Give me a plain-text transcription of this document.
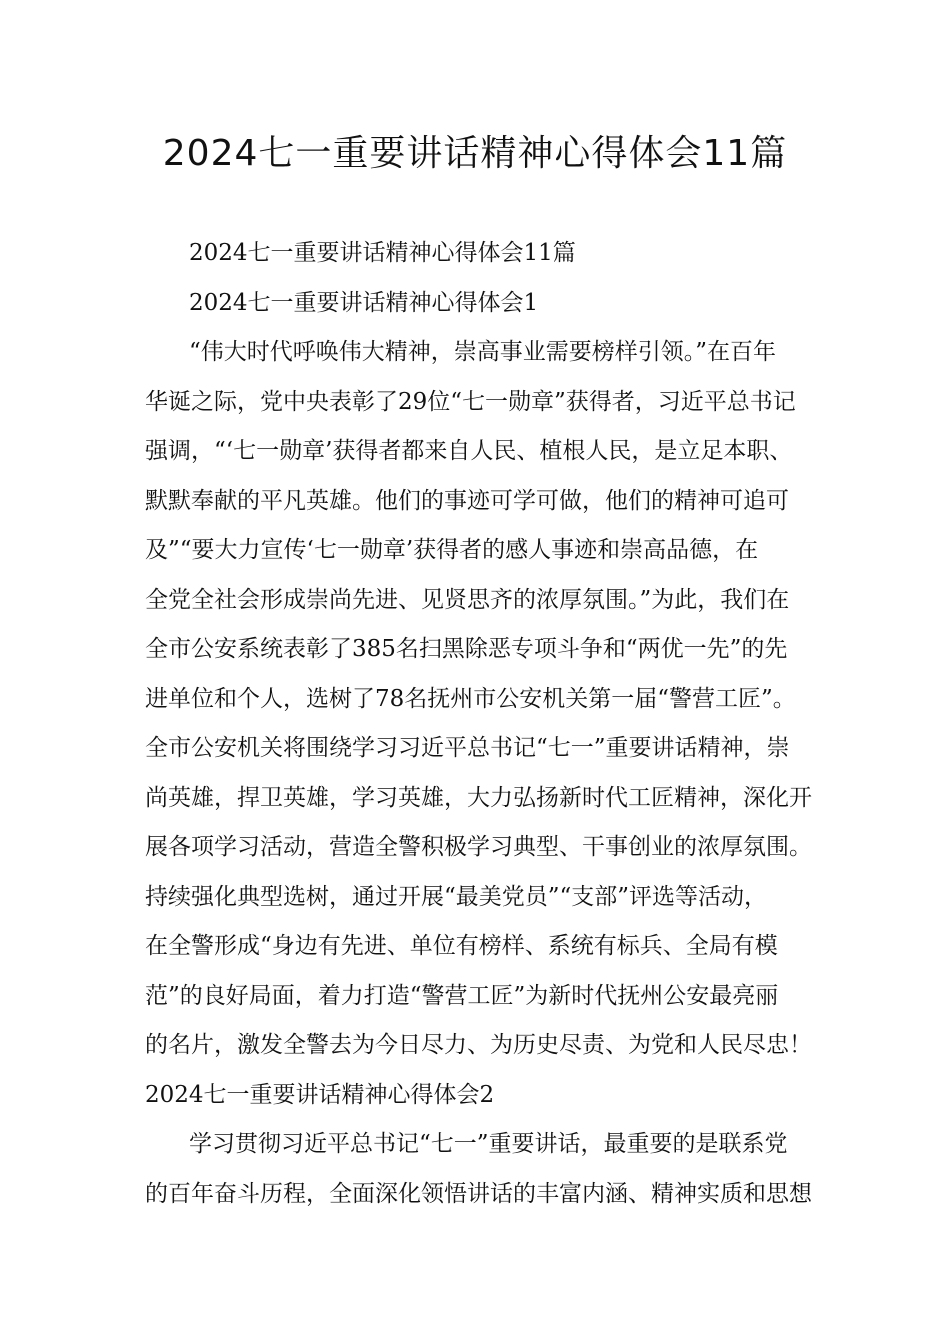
2024七一重要讲话精神心得体会11篇
2024七一重要讲话精神心得体会11篇
2024七一重要讲话精神心得体会1
“伟大时代呼唤伟大精神，崇高事业需要榜样引领。”在百年
华诞之际，党中央表彰了29位“七一勋章”获得者，习近平总书记
强调，“‘七一勋章’获得者都来自人民、植根人民，是立足本职、
默默奉献的平凡英雄。他们的事迹可学可做，他们的精神可追可
及”“要大力宣传‘七一勋章’获得者的感人事迹和崇高品德，在
全党全社会形成崇尚先进、见贤思齐的浓厚氛围。”为此，我们在
全市公安系统表彰了385名扫黑除恶专项斗争和“两优一先”的先
进单位和个人，选树了78名抚州市公安机关第一届“警营工匠”。
全市公安机关将围绕学习习近平总书记“七一”重要讲话精神，崇
尚英雄，捍卫英雄，学习英雄，大力弘扬新时代工匠精神，深化开
展各项学习活动，营造全警积极学习典型、干事创业的浓厚氛围。
持续强化典型选树，通过开展“最美党员”“支部”评选等活动，
在全警形成“身边有先进、单位有榜样、系统有标兵、全局有模
范”的良好局面，着力打造“警营工匠”为新时代抚州公安最亮丽
的名片，激发全警去为今日尽力、为历史尽责、为党和人民尽忠！
2024七一重要讲话精神心得体会2
学习贯彻习近平总书记“七一”重要讲话，最重要的是联系党
的百年奋斗历程，全面深化领悟讲话的丰富内涵、精神实质和思想
